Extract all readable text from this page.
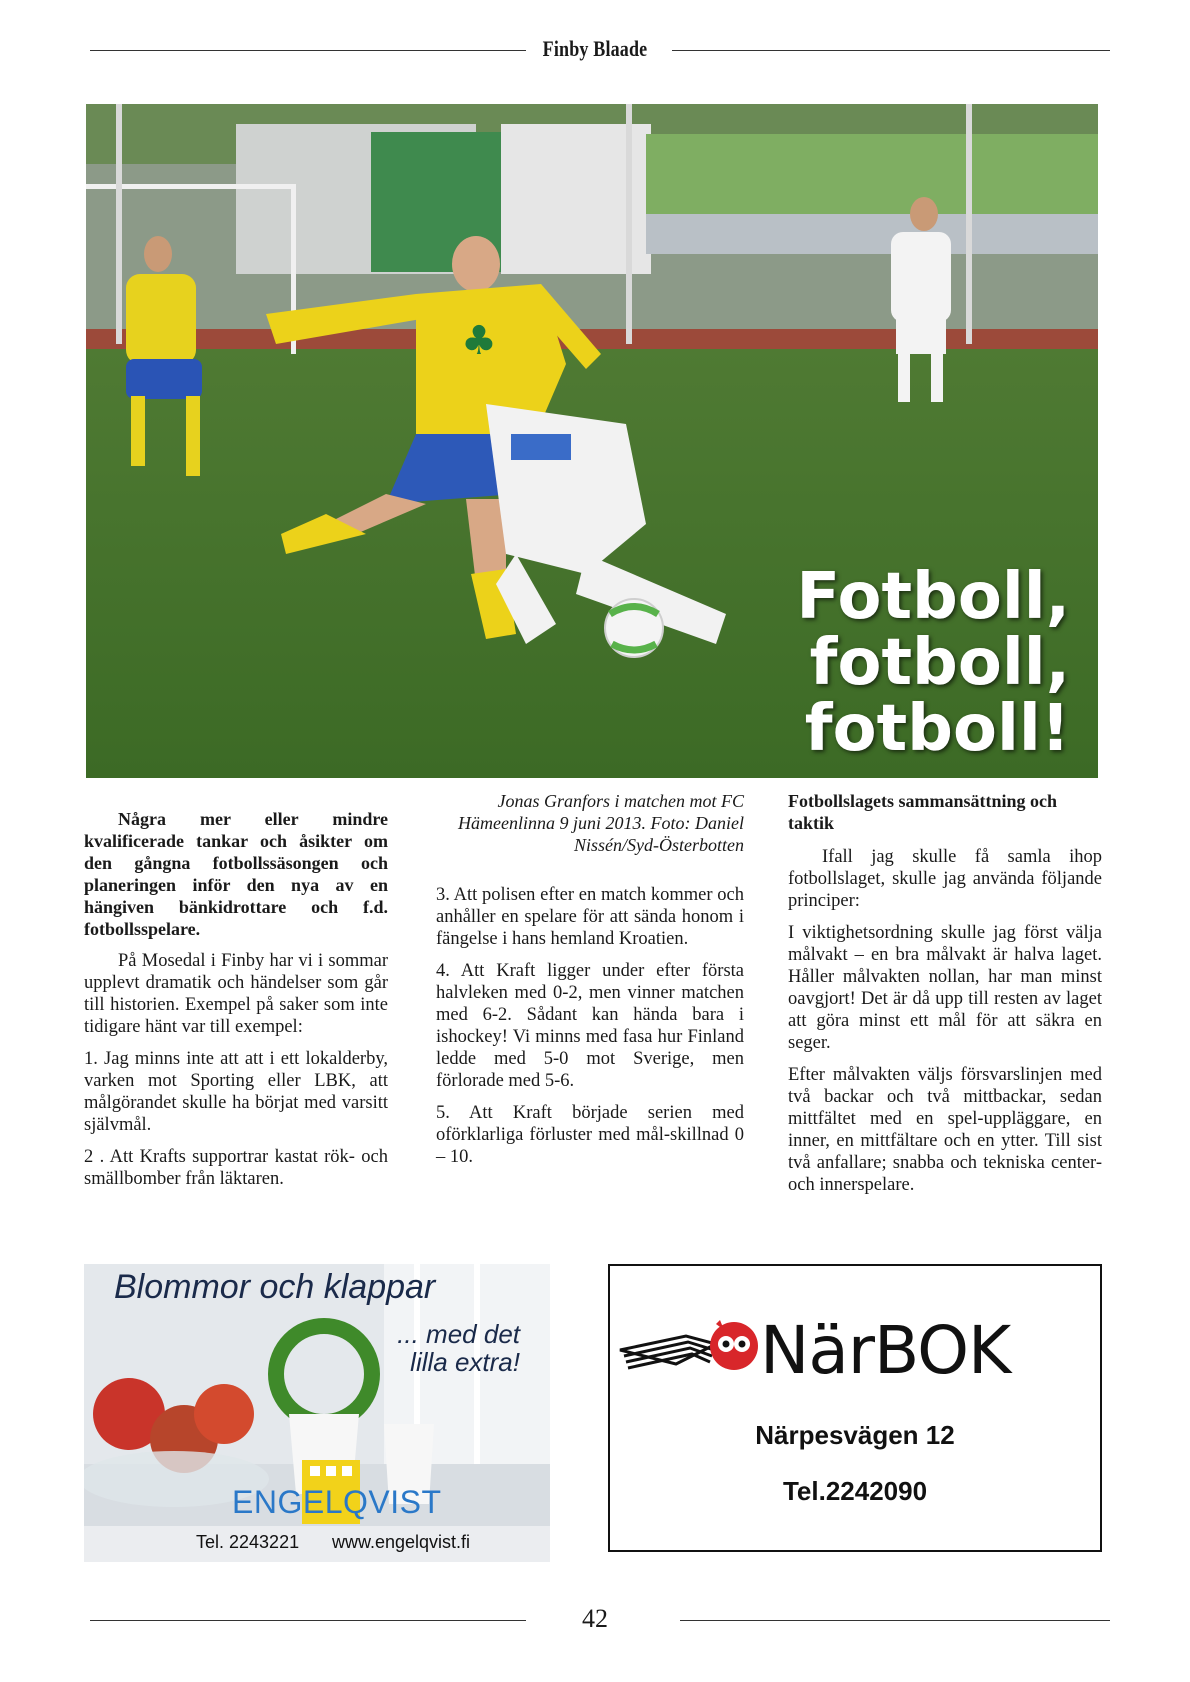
Finby Blaade
♣
Fotboll,
fotboll,
fotboll!

Några mer eller mindre kvalificerade tankar och åsikter om den gångna fotbollssäsongen och planeringen inför den nya av en hängiven bänkidrottare och f.d. fotbollsspelare.

På Mosedal i Finby har vi i sommar upplevt dramatik och händelser som går till historien. Exempel på saker som inte tidigare hänt var till exempel:

1. Jag minns inte att att i ett lokalderby, varken mot Sporting eller LBK, att målgörandet skulle ha börjat med varsitt självmål.

2 . Att Krafts supportrar kastat rök- och smällbomber från läktaren.

Jonas Granfors i matchen mot FC Hämeenlinna 9 juni 2013. Foto: Daniel Nissén/Syd-Österbotten

3. Att polisen efter en match kommer och anhåller en spelare för att sända honom i fängelse i hans hemland Kroatien.

4. Att Kraft ligger under efter första halvleken med 0-2, men vinner matchen med 6-2. Sådant kan hända bara i ishockey! Vi minns med fasa hur Finland ledde med 5-0 mot Sverige, men förlorade med 5-6.

5. Att Kraft började serien med oförklarliga förluster med mål-skillnad 0 – 10.

Fotbollslagets sammansättning och taktik

Ifall jag skulle få samla ihop fotbollslaget, skulle jag använda följande principer:

I viktighetsordning skulle jag först välja målvakt – en bra målvakt är halva laget. Håller målvakten nollan, har man minst oavgjort! Det är då upp till resten av laget att göra minst ett mål för att säkra en seger.

Efter målvakten väljs försvarslinjen med två backar och två mittbackar, sedan mittfältet med en spel-uppläggare, en inner, en mittfältare och en ytter. Till sist två anfallare; snabba och tekniska center- och innerspelare.

Blommor och klappar
... med det
lilla extra!
ENGELQVIST
Tel. 2243221 www.engelqvist.fi
NärBOK
Närpesvägen 12
Tel.2242090
42
